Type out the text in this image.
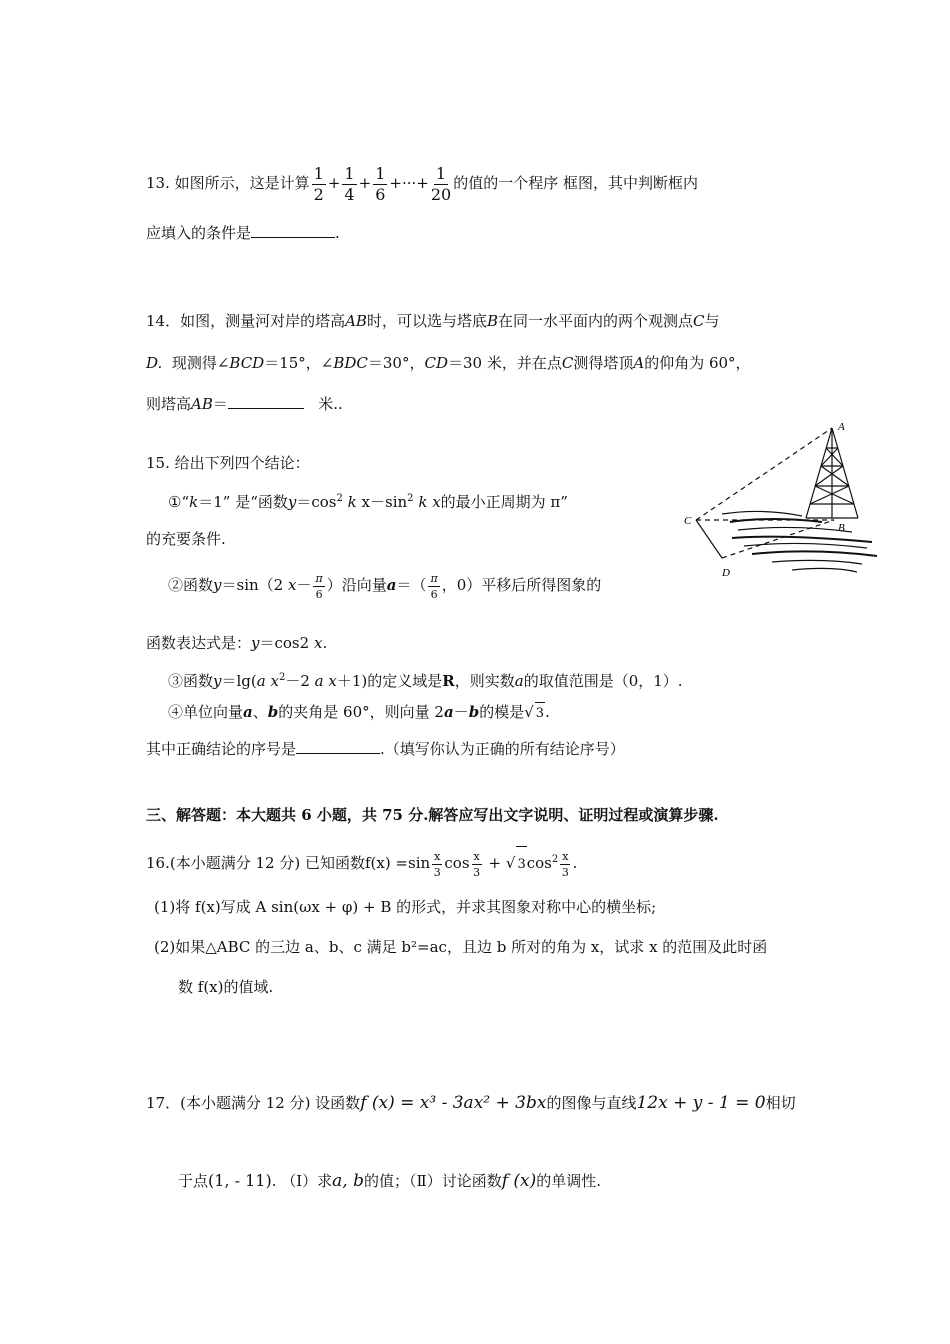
13. 如图所示，这是计算 $\frac{1}{2} + \frac{1}{4} + \frac{1}{6}$ +···+ $\frac{1}{20}$ 的值的一个程序 框图，其中判断框内
应填入的条件是	.
14．如图，测量河对岸的塔高AB时，可以选与塔底B在同一水平面内的两个观测点C与
D. 现测得∠BCD＝15°，∠BDC＝30°，CD＝30 米，并在点C测得塔顶A的仰角为 60°，
则塔高AB＝	米..
15. 给出下列四个结论：
①“k＝1” 是“函数$y=\cos^2$ k $x-\sin^2$ k x的最小正周期为 π”
的充要条件.
②函数y＝sin（2 $x- \frac{\pi}{6}$ ）沿向量$a=( \frac{\pi}{6}$ ，0）平移后所得图象的
函数表达式是：y＝cos2 x.
③函数y＝lg(a $x^2-2$ a x＋1)的定义域是R，则实数a的取值范围是（0，1）.
④单位向量a、b的夹角是 60°，则向量 2a－b的模是√ 3.
其中正确结论的序号是	.（填写你认为正确的所有结论序号）
A
B
C
D
三、解答题：本大题共 6 小题，共 75 分.解答应写出文字说明、证明过程或演算步骤.
16.(本小题满分 12 分) 已知函数$f(x) =\sin \frac{x}{3}$ $\cos \frac{x}{3}$ + √ $3\cos^2 \frac{x}{3}$ .
(1)将 f(x)写成 A sin(ωx + φ) + B 的形式，并求其图象对称中心的横坐标;
(2)如果△ABC 的三边 a、b、c 满足 b²=ac，且边 b 所对的角为 x，试求 x 的范围及此时函
数 f(x)的值域.
17．(本小题满分 12 分) 设函数f (x) = x³ - 3ax² + 3bx的图像与直线12x + y - 1 = 0相切
于点(1, - 11). （Ⅰ）求a, b的值；（Ⅱ）讨论函数f (x)的单调性.
